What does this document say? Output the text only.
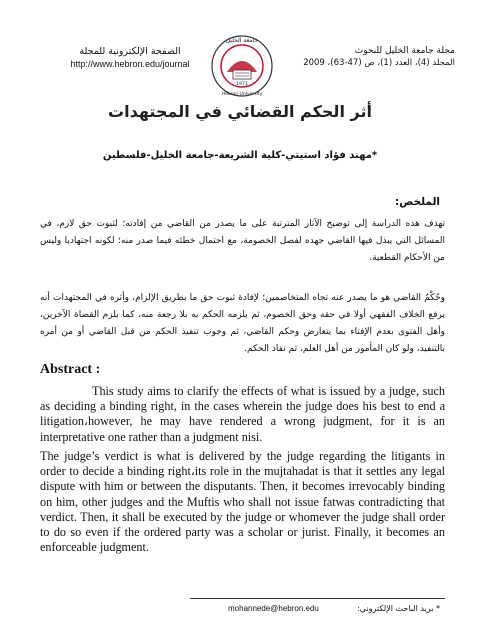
الصفحة الإلكترونية للمجلة
http://www.hebron.edu/journal
جامعة الخليل
1971
Hebron University
مجلة جامعة الخليل للبحوث
المجلد (4)، العدد (1)، ص (47-63)، 2009
أثر الحكم القضائي في المجتهدات
*مهند فؤاد استيتي-كلية الشريعة-جامعة الخليل-فلسطين
الملخص:
تهدف هذه الدراسة إلى توضيح الآثار المترتبة على ما يصدر من القاضي من إفادته؛ لثبوت حق لازم، في المسائل التي يبذل فيها القاضي جهده لفصل الخصومة، مع احتمال خطئه فيما صدر منه؛ لكونه اجتهاديا وليس من الأحكام القطعية.
وحُكْمُ القاضي هو ما يصدر عنه تجاه المتخاصمين؛ لإفادة ثبوت حق ما بطريق الإلزام، وأثره في المجتهدات أنه يرفع الخلاف الفقهي أولا في حقه وحق الخصوم، ثم يلزمه الحكم به بلا رجعة منه، كما يلزم القضاة الآخرين، وأهل الفتوى بعدم الإفتاء بما يتعارض وحكم القاضي، ثم وجوب تنفيذ الحكم من قبل القاضي أو من أمره بالتنفيذ، ولو كان المأمور من أهل العلم، ثم نفاذ الحكم.
Abstract :
This study aims to clarify the effects of what is issued by a judge, such as deciding a binding right, in the cases wherein the judge does his best to end a litigation،however, he may have rendered a wrong judgment, for it is an interpretative one rather than a judgment nisi.
The judge’s verdict is what is delivered by the judge regarding the litigants in order to decide a binding right،its role in the mujtahadat is that it settles any legal dispute with him or between the disputants. Then, it becomes irrevocably binding on him, other judges and the Muftis who shall not issue fatwas contradicting that verdict. Then, it shall be executed by the judge or whomever the judge shall order to do so even if the ordered party was a scholar or jurist. Finally, it becomes an enforceable judgment.
mohannede@hebron.edu	* بريد الباحث الإلكتروني:
